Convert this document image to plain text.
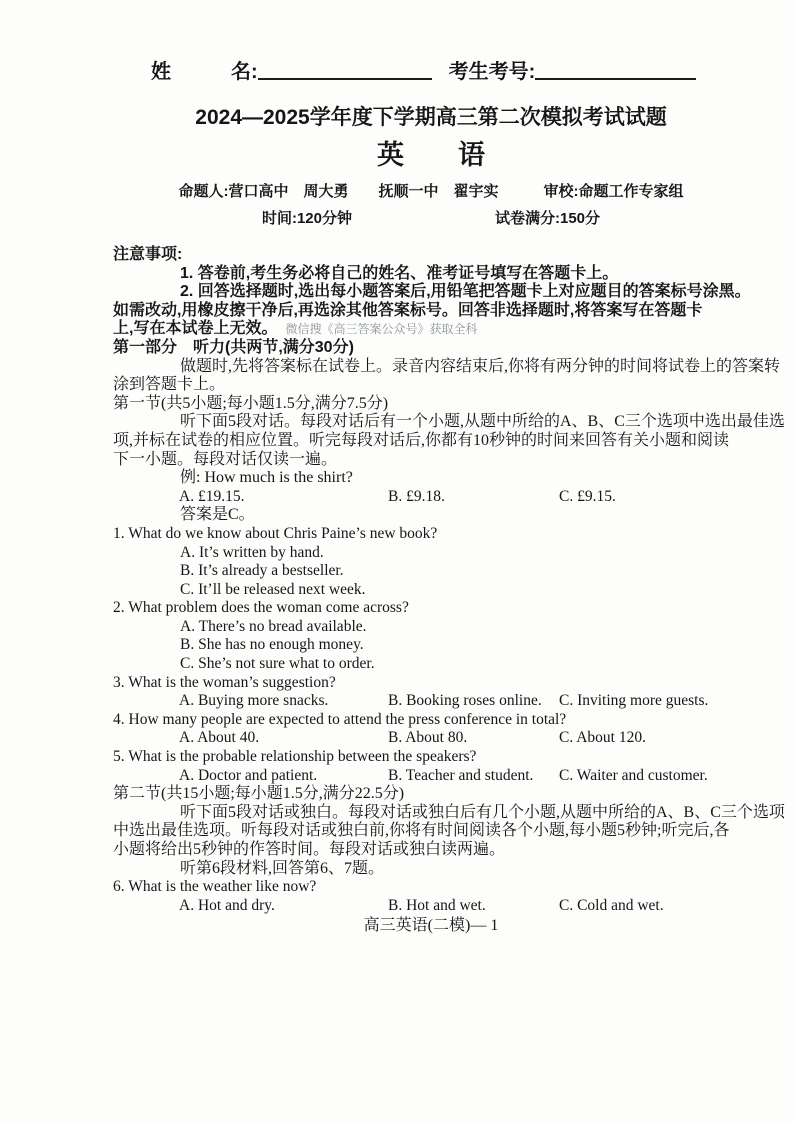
姓　　　名:	考生考号:
2024—2025学年度下学期高三第二次模拟考试试题
英　　语
命题人:营口高中　周大勇　　抚顺一中　翟宇实　　　审校:命题工作专家组
时间:120分钟	试卷满分:150分
注意事项:
1. 答卷前,考生务必将自己的姓名、准考证号填写在答题卡上。
2. 回答选择题时,选出每小题答案后,用铅笔把答题卡上对应题目的答案标号涂黑。
如需改动,用橡皮擦干净后,再选涂其他答案标号。回答非选择题时,将答案写在答题卡
上,写在本试卷上无效。 微信搜《高三答案公众号》获取全科
第一部分　听力(共两节,满分30分)
做题时,先将答案标在试卷上。录音内容结束后,你将有两分钟的时间将试卷上的答案转
涂到答题卡上。
第一节(共5小题;每小题1.5分,满分7.5分)
听下面5段对话。每段对话后有一个小题,从题中所给的A、B、C三个选项中选出最佳选
项,并标在试卷的相应位置。听完每段对话后,你都有10秒钟的时间来回答有关小题和阅读
下一小题。每段对话仅读一遍。
例: How much is the shirt?
A. £19.15.	B. £9.18.	C. £9.15.
答案是C。
1. What do we know about Chris Paine’s new book?
A. It’s written by hand.
B. It’s already a bestseller.
C. It’ll be released next week.
2. What problem does the woman come across?
A. There’s no bread available.
B. She has no enough money.
C. She’s not sure what to order.
3. What is the woman’s suggestion?
A. Buying more snacks.	B. Booking roses online.	C. Inviting more guests.
4. How many people are expected to attend the press conference in total?
A. About 40.	B. About 80.	C. About 120.
5. What is the probable relationship between the speakers?
A. Doctor and patient.	B. Teacher and student.	C. Waiter and customer.
第二节(共15小题;每小题1.5分,满分22.5分)
听下面5段对话或独白。每段对话或独白后有几个小题,从题中所给的A、B、C三个选项
中选出最佳选项。听每段对话或独白前,你将有时间阅读各个小题,每小题5秒钟;听完后,各
小题将给出5秒钟的作答时间。每段对话或独白读两遍。
听第6段材料,回答第6、7题。
6. What is the weather like now?
A. Hot and dry.	B. Hot and wet.	C. Cold and wet.
高三英语(二模)— 1
